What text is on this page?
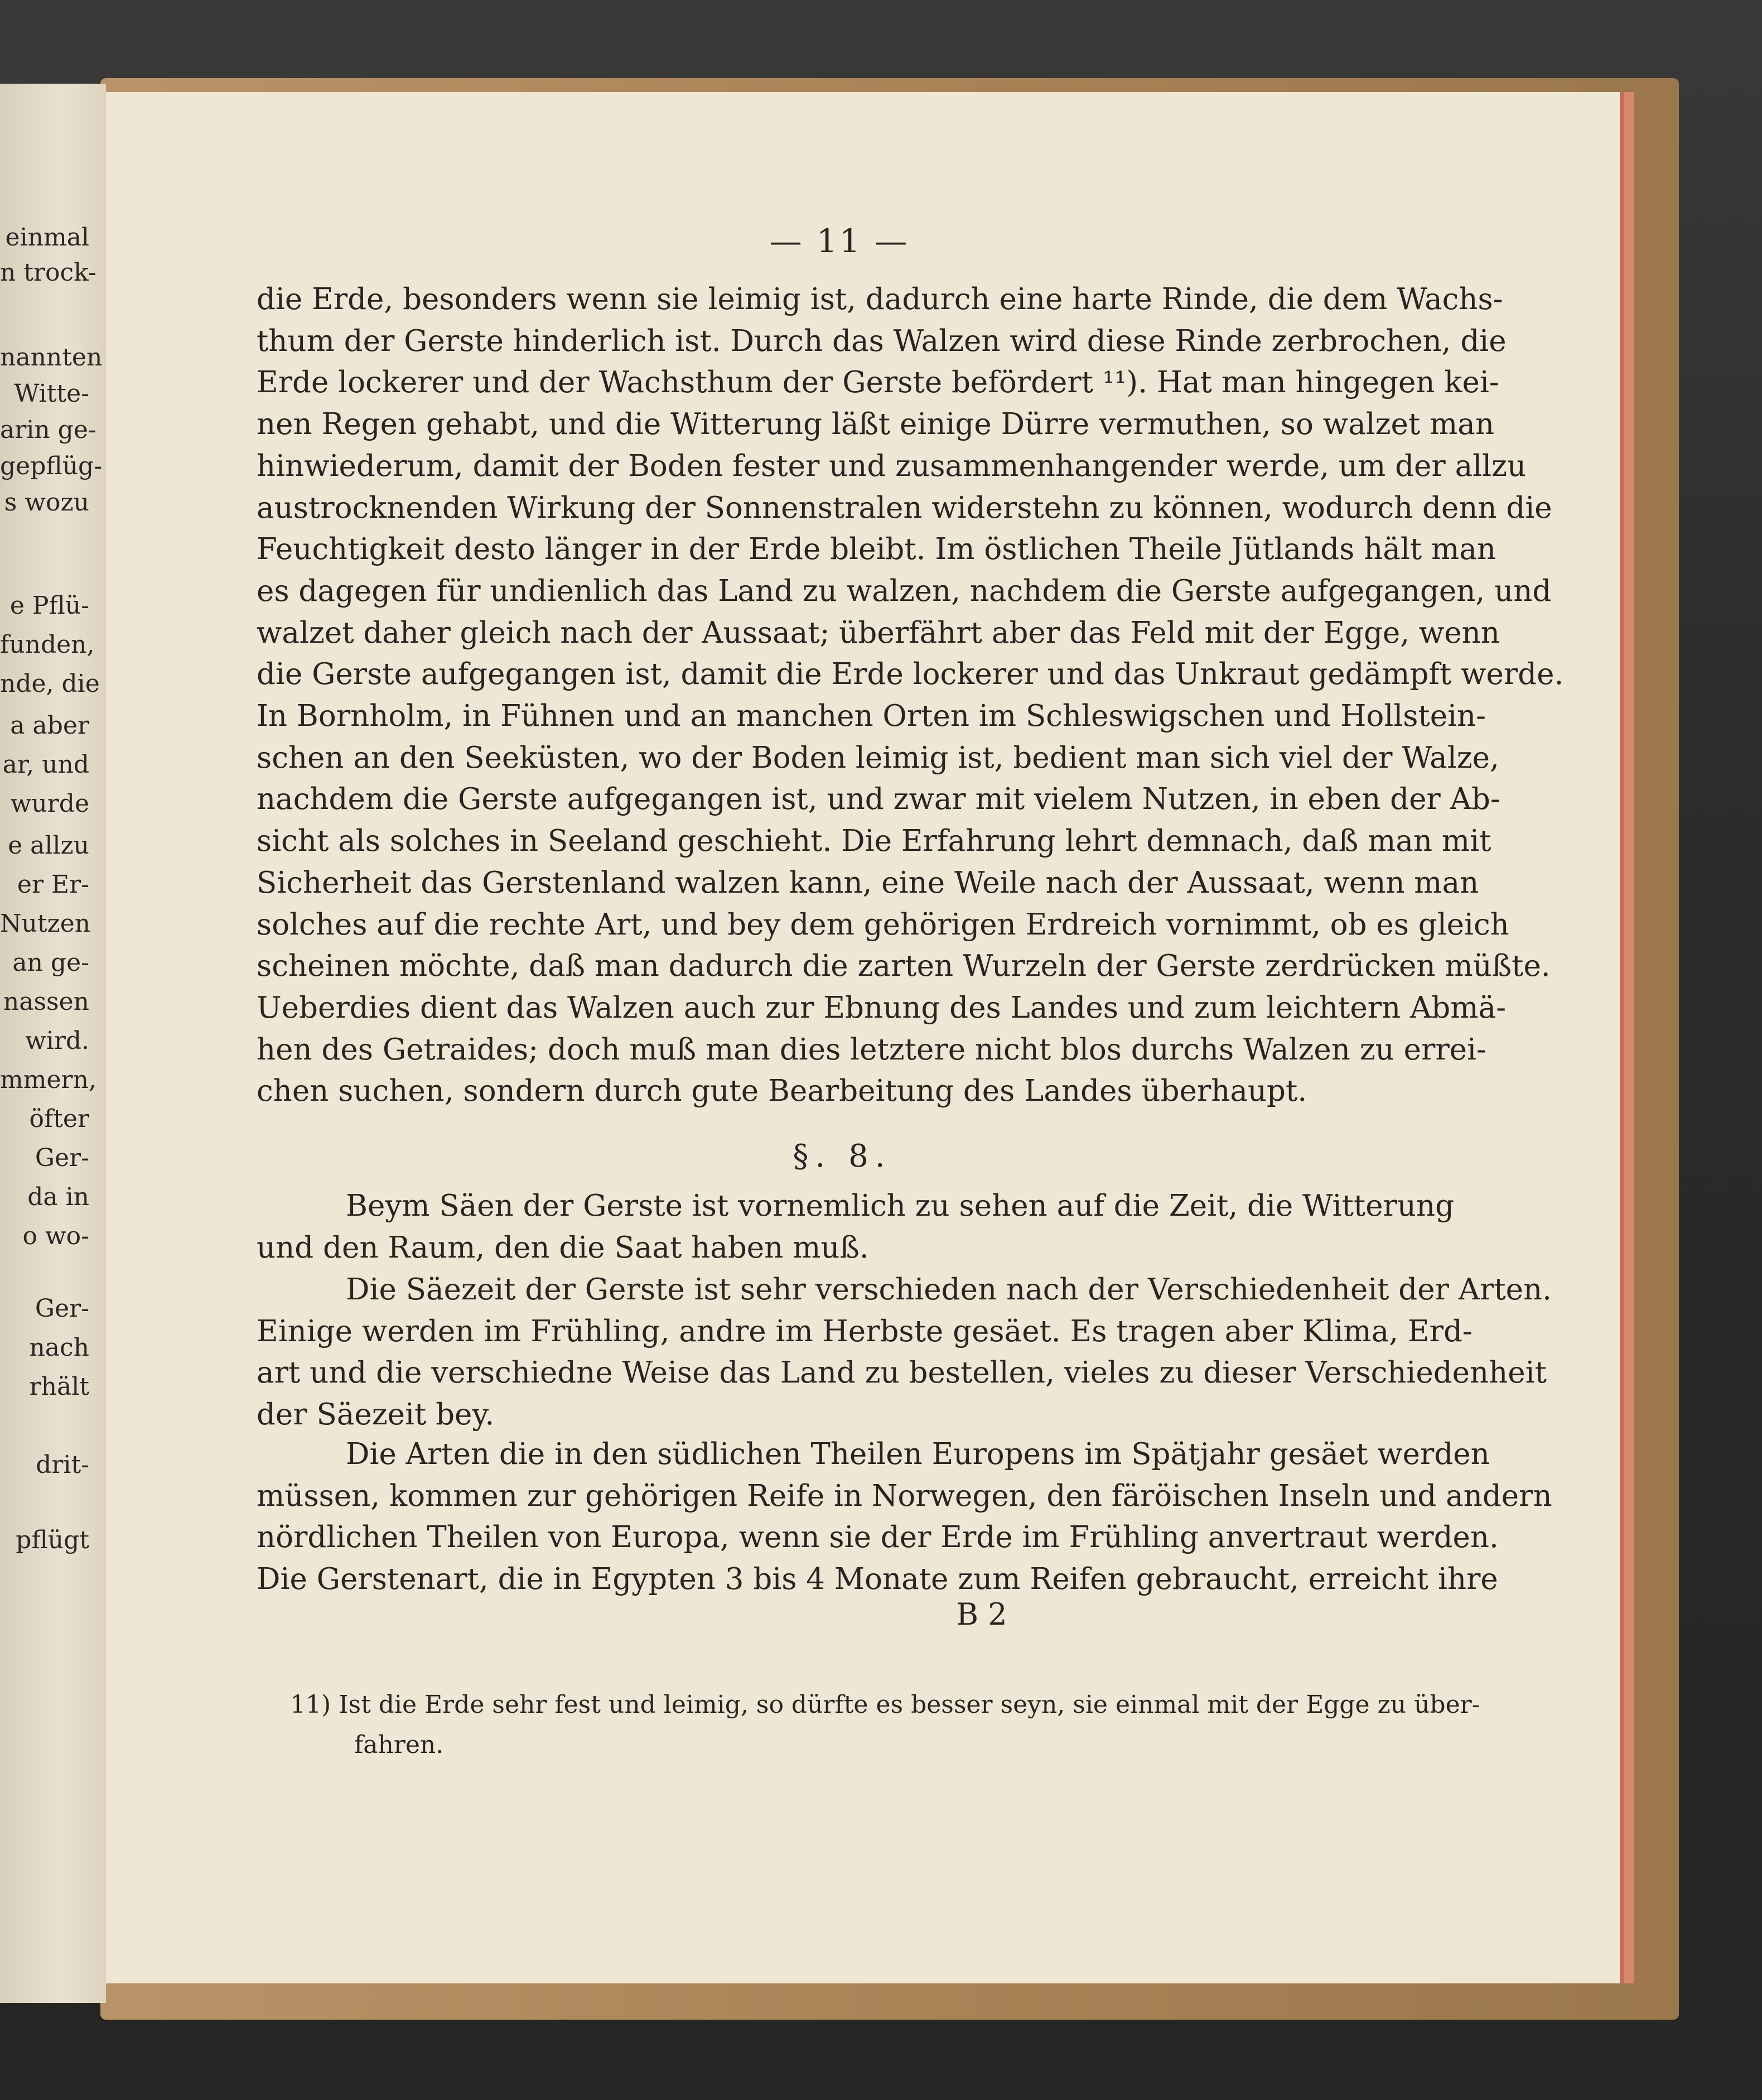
einmal
n trock-
nannten
Witte-
arin ge-
gepflüg-
s wozu
e Pflü-
funden,
nde, die
a aber
ar, und
wurde
e allzu
er Er-
Nutzen
an ge-
nassen
wird.
mmern,
öfter
Ger-
da in
o wo-
Ger-
nach
rhält
drit-
pflügt
— 11 —
die Erde, besonders wenn sie leimig ist, dadurch eine harte Rinde, die dem Wachs-
thum der Gerste hinderlich ist. Durch das Walzen wird diese Rinde zerbrochen, die
Erde lockerer und der Wachsthum der Gerste befördert ¹¹). Hat man hingegen kei-
nen Regen gehabt, und die Witterung läßt einige Dürre vermuthen, so walzet man
hinwiederum, damit der Boden fester und zusammenhangender werde, um der allzu
austrocknenden Wirkung der Sonnenstralen widerstehn zu können, wodurch denn die
Feuchtigkeit desto länger in der Erde bleibt. Im östlichen Theile Jütlands hält man
es dagegen für undienlich das Land zu walzen, nachdem die Gerste aufgegangen, und
walzet daher gleich nach der Aussaat; überfährt aber das Feld mit der Egge, wenn
die Gerste aufgegangen ist, damit die Erde lockerer und das Unkraut gedämpft werde.
In Bornholm, in Fühnen und an manchen Orten im Schleswigschen und Hollstein-
schen an den Seeküsten, wo der Boden leimig ist, bedient man sich viel der Walze,
nachdem die Gerste aufgegangen ist, und zwar mit vielem Nutzen, in eben der Ab-
sicht als solches in Seeland geschieht. Die Erfahrung lehrt demnach, daß man mit
Sicherheit das Gerstenland walzen kann, eine Weile nach der Aussaat, wenn man
solches auf die rechte Art, und bey dem gehörigen Erdreich vornimmt, ob es gleich
scheinen möchte, daß man dadurch die zarten Wurzeln der Gerste zerdrücken müßte.
Ueberdies dient das Walzen auch zur Ebnung des Landes und zum leichtern Abmä-
hen des Getraides; doch muß man dies letztere nicht blos durchs Walzen zu errei-
chen suchen, sondern durch gute Bearbeitung des Landes überhaupt.
§. 8.
Beym Säen der Gerste ist vornemlich zu sehen auf die Zeit, die Witterung
und den Raum, den die Saat haben muß.
Die Säezeit der Gerste ist sehr verschieden nach der Verschiedenheit der Arten.
Einige werden im Frühling, andre im Herbste gesäet. Es tragen aber Klima, Erd-
art und die verschiedne Weise das Land zu bestellen, vieles zu dieser Verschiedenheit
der Säezeit bey.
Die Arten die in den südlichen Theilen Europens im Spätjahr gesäet werden
müssen, kommen zur gehörigen Reife in Norwegen, den färöischen Inseln und andern
nördlichen Theilen von Europa, wenn sie der Erde im Frühling anvertraut werden.
Die Gerstenart, die in Egypten 3 bis 4 Monate zum Reifen gebraucht, erreicht ihre
B 2
11) Ist die Erde sehr fest und leimig, so dürfte es besser seyn, sie einmal mit der Egge zu über-
fahren.
